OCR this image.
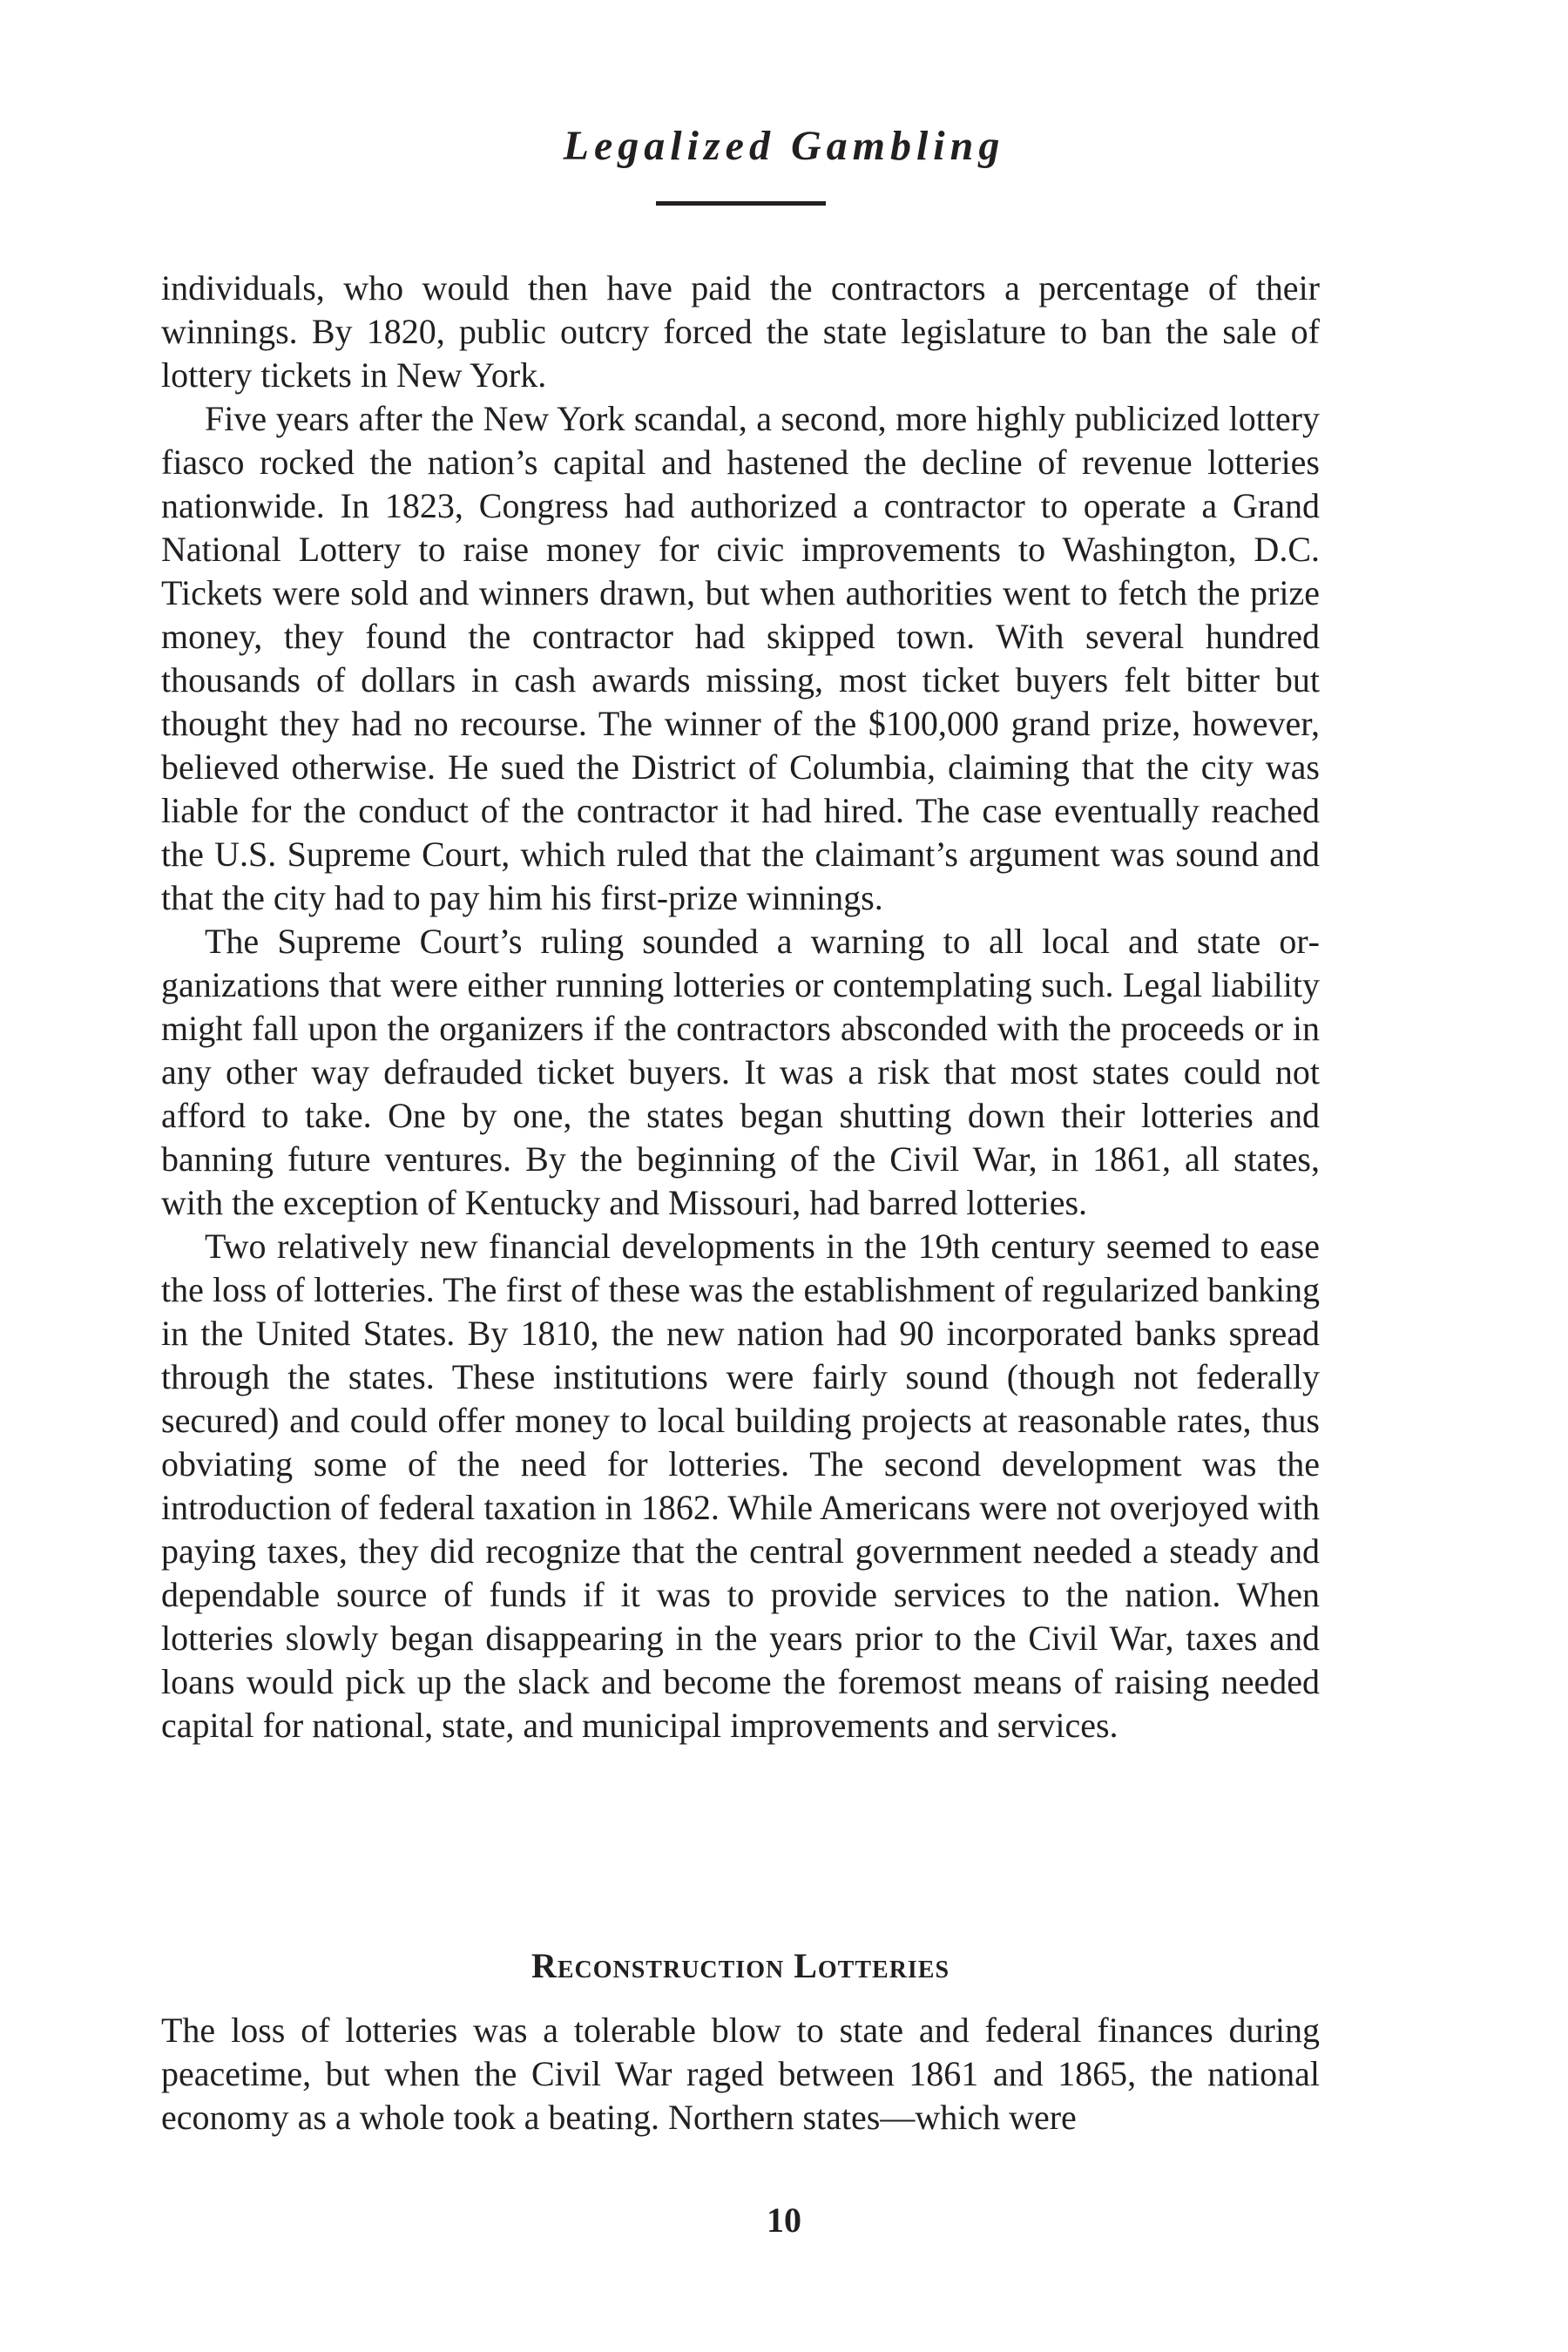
Legalized Gambling

individuals, who would then have paid the contractors a percentage of their winnings. By 1820, public outcry forced the state legislature to ban the sale of lottery tickets in New York.

Five years after the New York scandal, a second, more highly publicized lottery fiasco rocked the nation’s capital and hastened the decline of revenue lotteries nationwide. In 1823, Congress had authorized a contractor to operate a Grand National Lottery to raise money for civic improvements to Washington, D.C. Tickets were sold and winners drawn, but when authorities went to fetch the prize money, they found the contractor had skipped town. With several hundred thousands of dollars in cash awards missing, most ticket buyers felt bitter but thought they had no recourse. The winner of the $100,000 grand prize, however, believed otherwise. He sued the District of Columbia, claiming that the city was liable for the conduct of the contractor it had hired. The case eventually reached the U.S. Supreme Court, which ruled that the claimant’s argument was sound and that the city had to pay him his first-prize winnings.

The Supreme Court’s ruling sounded a warning to all local and state organizations that were either running lotteries or contemplating such. Legal liability might fall upon the organizers if the contractors absconded with the proceeds or in any other way defrauded ticket buyers. It was a risk that most states could not afford to take. One by one, the states began shutting down their lotteries and banning future ventures. By the beginning of the Civil War, in 1861, all states, with the exception of Kentucky and Missouri, had barred lotteries.

Two relatively new financial developments in the 19th century seemed to ease the loss of lotteries. The first of these was the establishment of regularized banking in the United States. By 1810, the new nation had 90 incorporated banks spread through the states. These institutions were fairly sound (though not federally secured) and could offer money to local building projects at reasonable rates, thus obviating some of the need for lotteries. The second development was the introduction of federal taxation in 1862. While Americans were not overjoyed with paying taxes, they did recognize that the central government needed a steady and dependable source of funds if it was to provide services to the nation. When lotteries slowly began disappearing in the years prior to the Civil War, taxes and loans would pick up the slack and become the foremost means of raising needed capital for national, state, and municipal improvements and services.

Reconstruction Lotteries

The loss of lotteries was a tolerable blow to state and federal finances during peacetime, but when the Civil War raged between 1861 and 1865, the national economy as a whole took a beating. Northern states—which were

10
